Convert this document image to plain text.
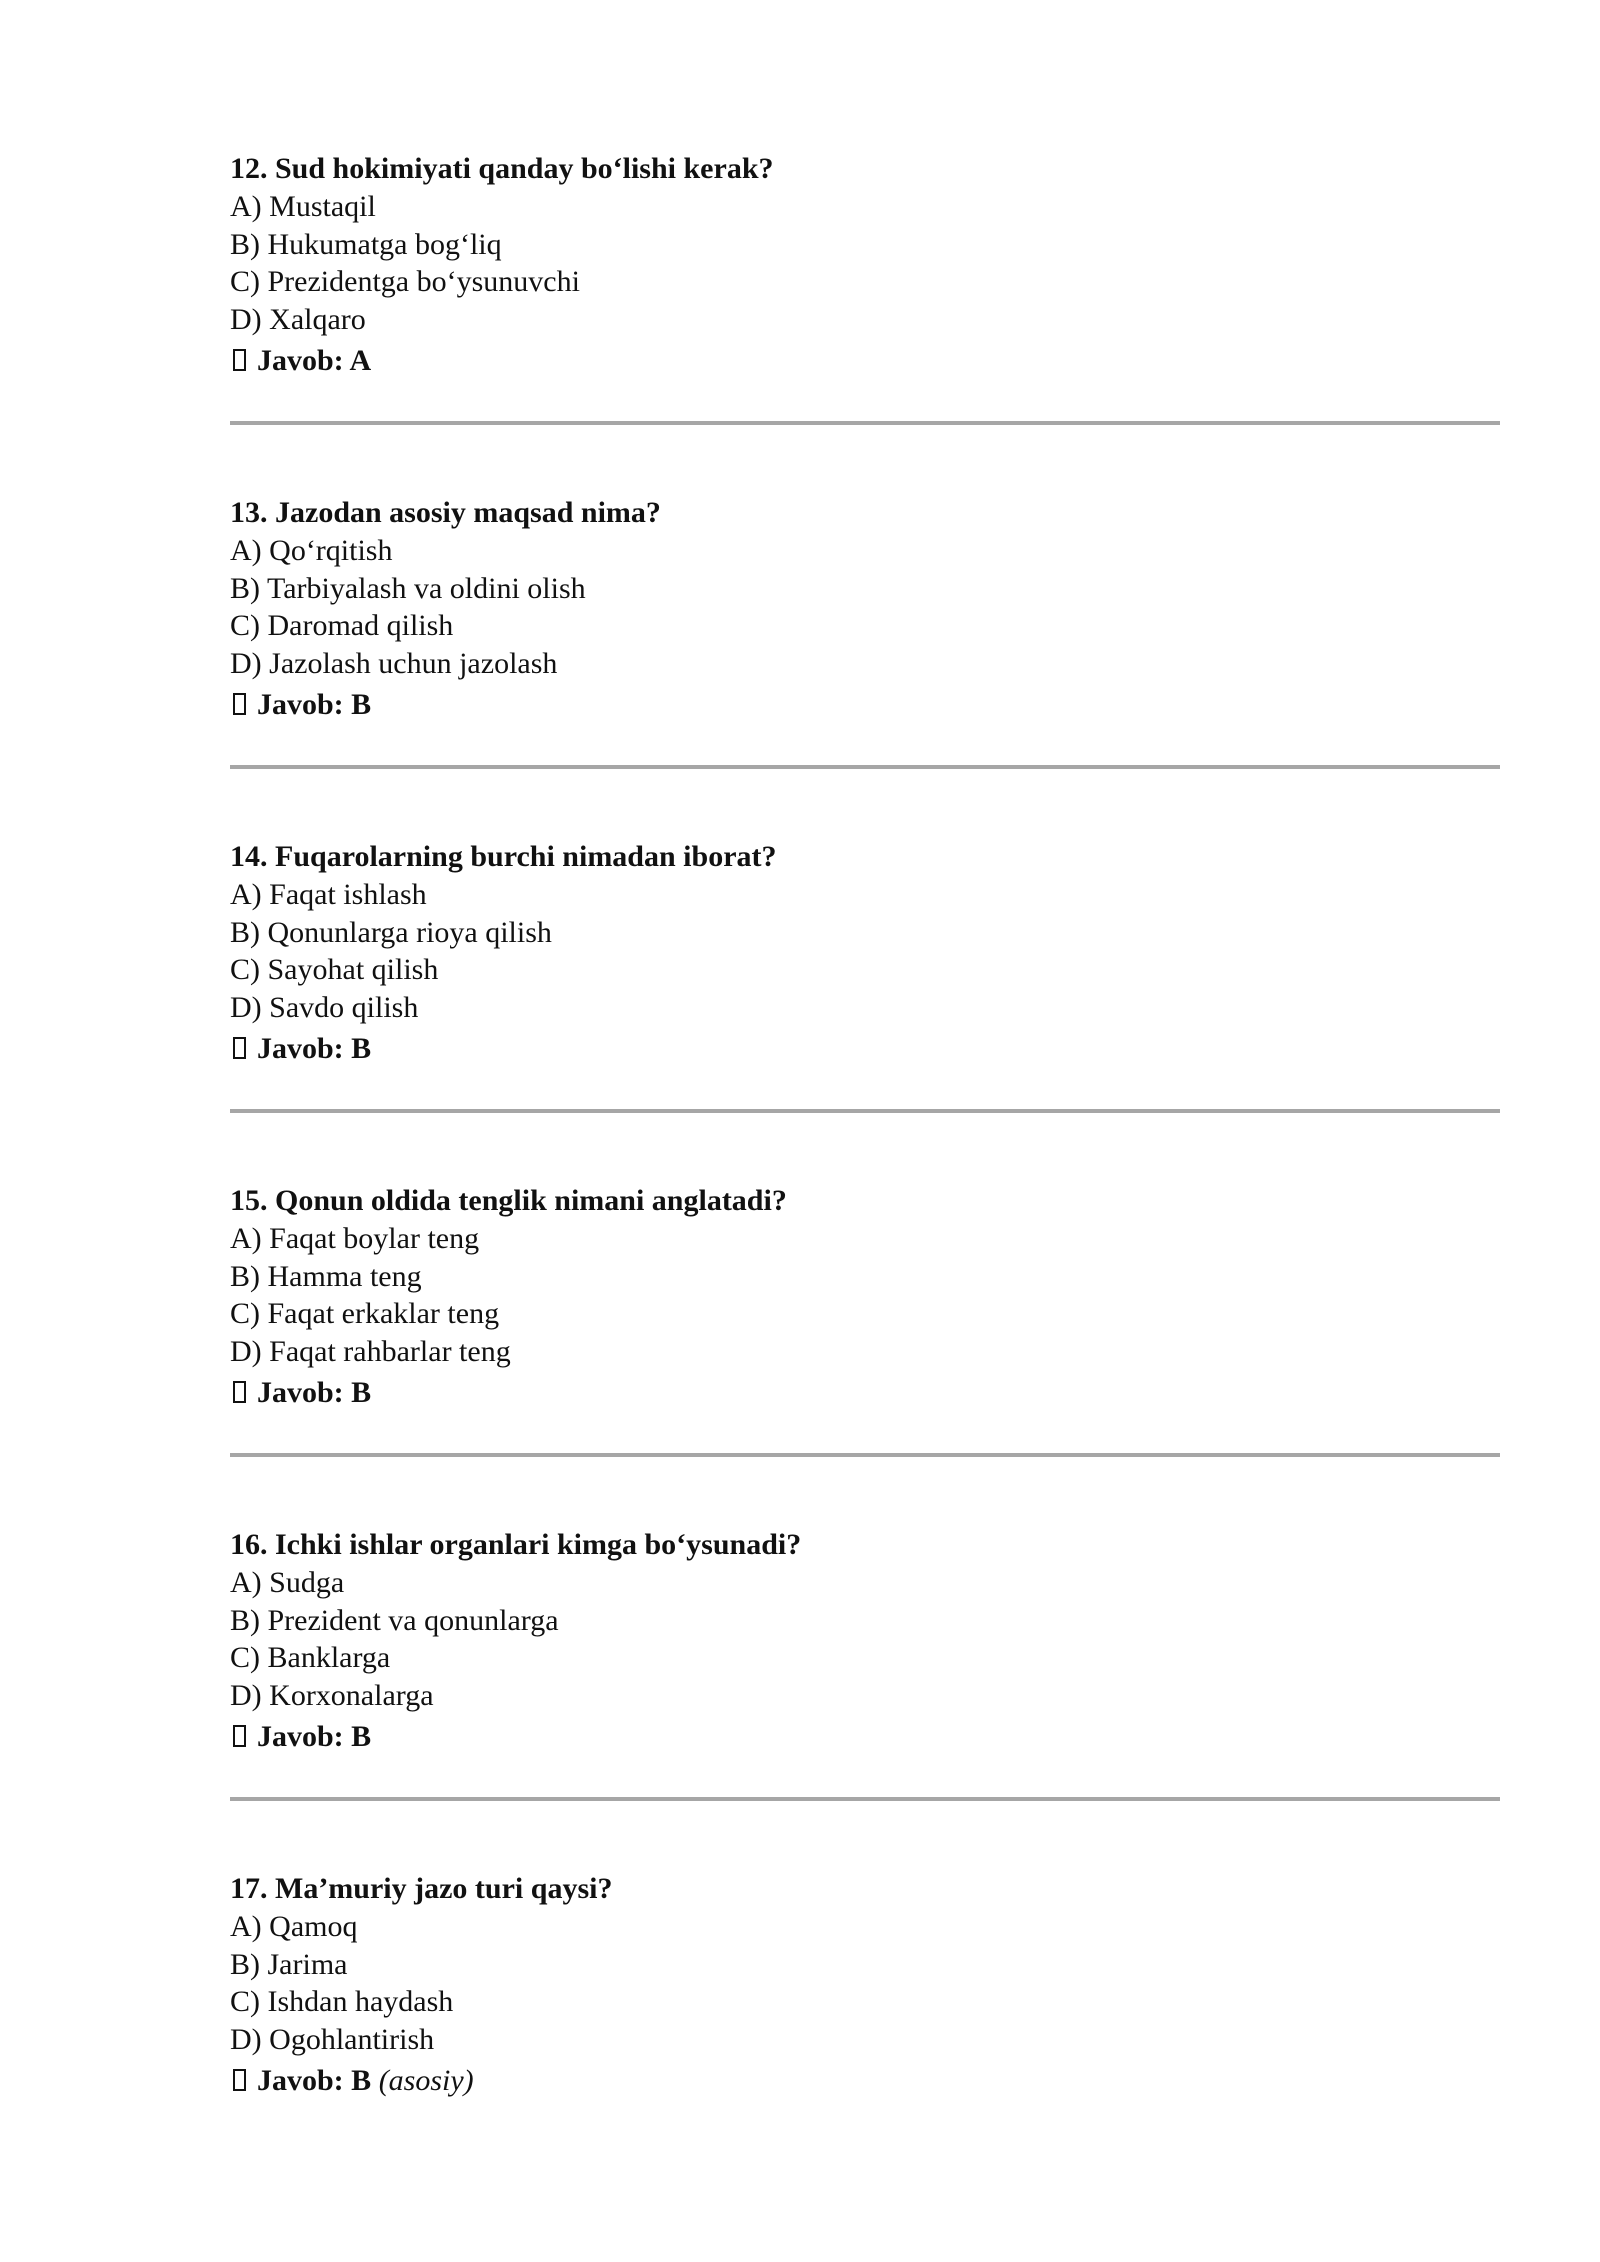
12. Sud hokimiyati qanday bo‘lishi kerak?

A) Mustaqil

B) Hukumatga bog‘liq

C) Prezidentga bo‘ysunuvchi

D) Xalqaro

Javob: A

13. Jazodan asosiy maqsad nima?

A) Qo‘rqitish

B) Tarbiyalash va oldini olish

C) Daromad qilish

D) Jazolash uchun jazolash

Javob: B

14. Fuqarolarning burchi nimadan iborat?

A) Faqat ishlash

B) Qonunlarga rioya qilish

C) Sayohat qilish

D) Savdo qilish

Javob: B

15. Qonun oldida tenglik nimani anglatadi?

A) Faqat boylar teng

B) Hamma teng

C) Faqat erkaklar teng

D) Faqat rahbarlar teng

Javob: B

16. Ichki ishlar organlari kimga bo‘ysunadi?

A) Sudga

B) Prezident va qonunlarga

C) Banklarga

D) Korxonalarga

Javob: B

17. Ma’muriy jazo turi qaysi?

A) Qamoq

B) Jarima

C) Ishdan haydash

D) Ogohlantirish

Javob: B (asosiy)
